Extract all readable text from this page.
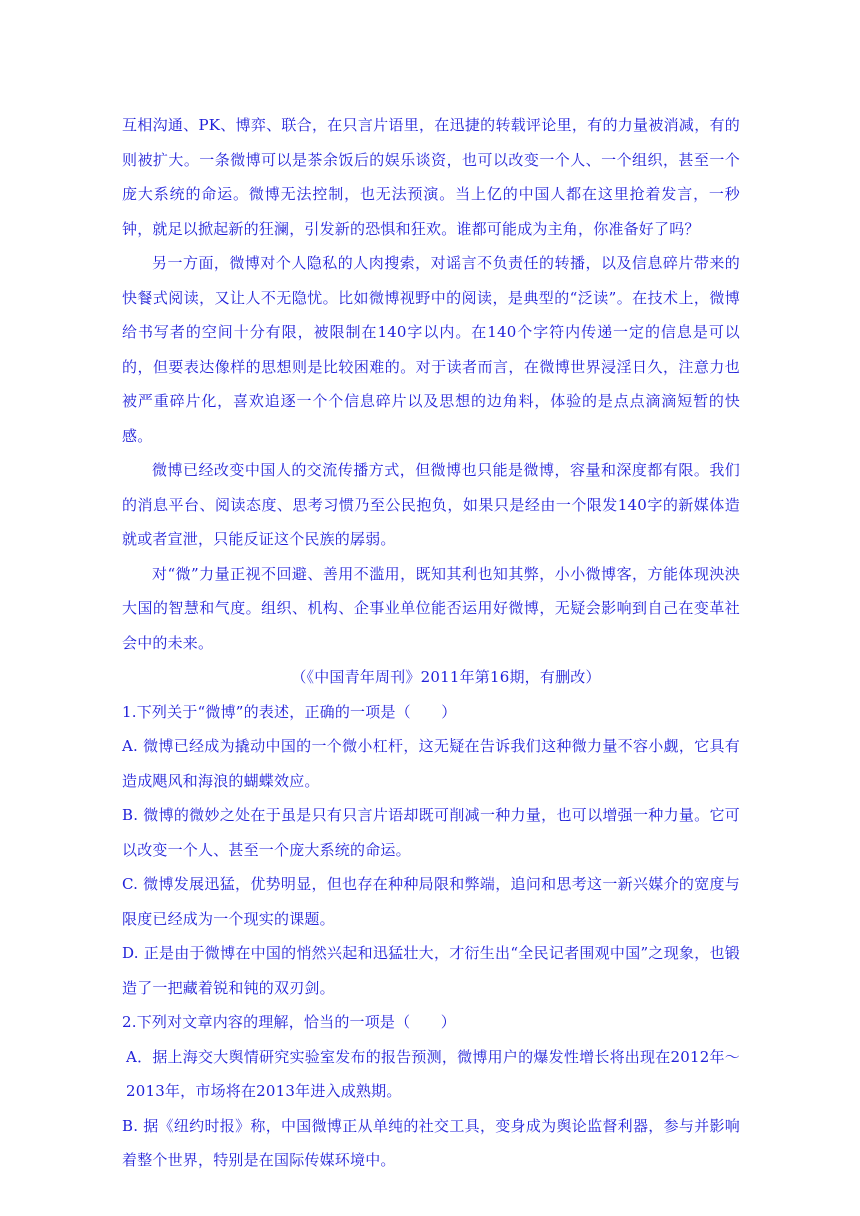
互相沟通、PK、博弈、联合，在只言片语里，在迅捷的转载评论里，有的力量被消减，有的则被扩大。一条微博可以是茶余饭后的娱乐谈资，也可以改变一个人、一个组织，甚至一个庞大系统的命运。微博无法控制，也无法预演。当上亿的中国人都在这里抢着发言，一秒钟，就足以掀起新的狂澜，引发新的恐惧和狂欢。谁都可能成为主角，你准备好了吗？

另一方面，微博对个人隐私的人肉搜索，对谣言不负责任的转播，以及信息碎片带来的快餐式阅读，又让人不无隐忧。比如微博视野中的阅读，是典型的“泛读”。在技术上，微博给书写者的空间十分有限，被限制在140字以内。在140个字符内传递一定的信息是可以的，但要表达像样的思想则是比较困难的。对于读者而言，在微博世界浸淫日久，注意力也被严重碎片化，喜欢追逐一个个信息碎片以及思想的边角料，体验的是点点滴滴短暂的快感。

微博已经改变中国人的交流传播方式，但微博也只能是微博，容量和深度都有限。我们的消息平台、阅读态度、思考习惯乃至公民抱负，如果只是经由一个限发140字的新媒体造就或者宣泄，只能反证这个民族的孱弱。

对“微”力量正视不回避、善用不滥用，既知其利也知其弊，小小微博客，方能体现泱泱大国的智慧和气度。组织、机构、企事业单位能否运用好微博，无疑会影响到自己在变革社会中的未来。

（《中国青年周刊》2011年第16期，有删改）

1.下列关于“微博”的表述，正确的一项是（　　）

A. 微博已经成为撬动中国的一个微小杠杆，这无疑在告诉我们这种微力量不容小觑，它具有造成飓风和海浪的蝴蝶效应。

B. 微博的微妙之处在于虽是只有只言片语却既可削减一种力量，也可以增强一种力量。它可以改变一个人、甚至一个庞大系统的命运。

C. 微博发展迅猛，优势明显，但也存在种种局限和弊端，追问和思考这一新兴媒介的宽度与限度已经成为一个现实的课题。

D. 正是由于微博在中国的悄然兴起和迅猛壮大，才衍生出“全民记者围观中国”之现象，也锻造了一把藏着锐和钝的双刃剑。

2.下列对文章内容的理解，恰当的一项是（　　）

A．据上海交大舆情研究实验室发布的报告预测，微博用户的爆发性增长将出现在2012年～2013年，市场将在2013年进入成熟期。

B. 据《纽约时报》称，中国微博正从单纯的社交工具，变身成为舆论监督利器，参与并影响着整个世界，特别是在国际传媒环境中。
